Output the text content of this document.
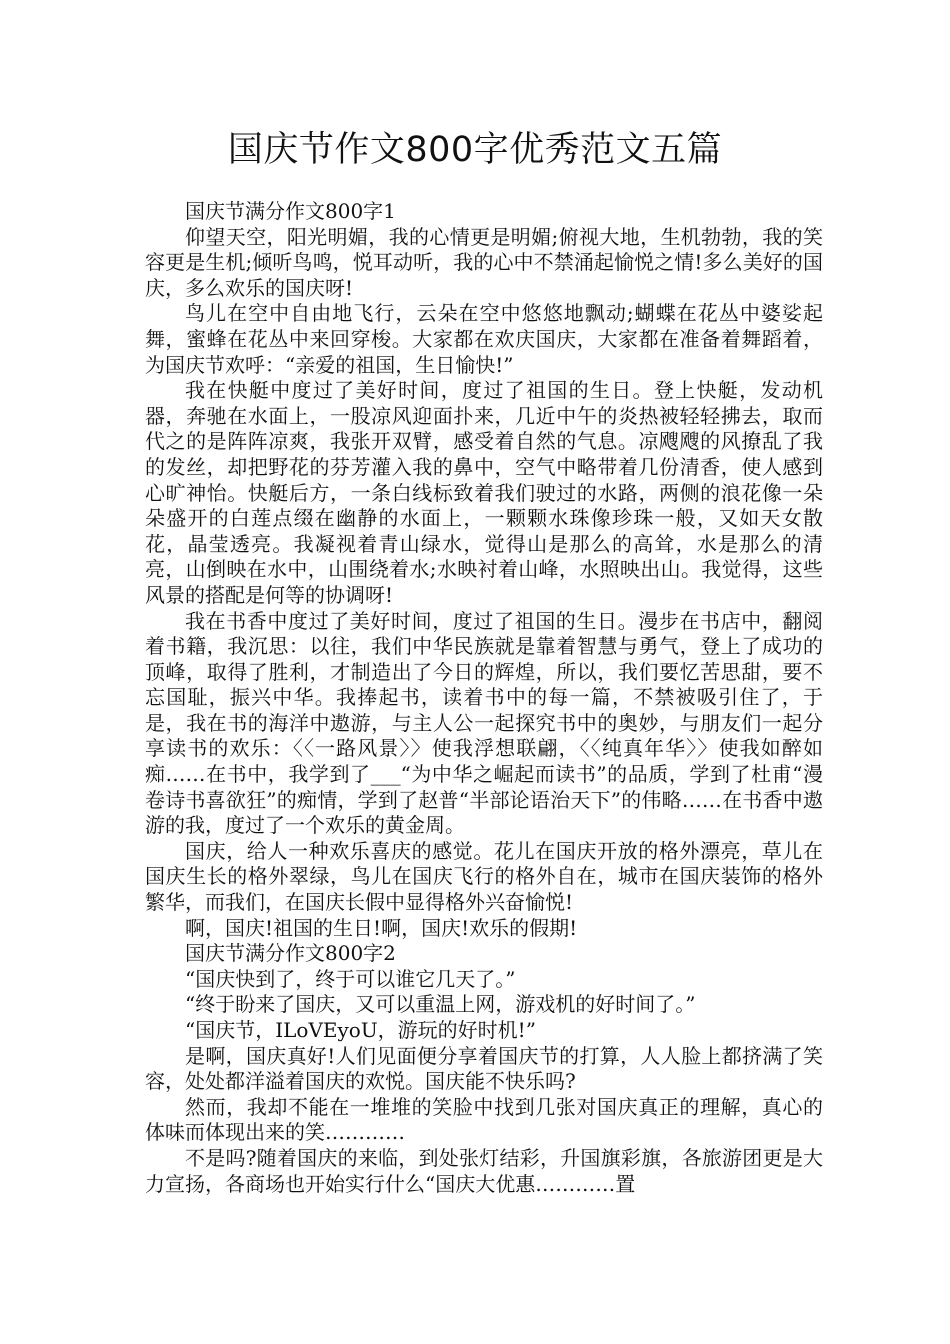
国庆节作文800字优秀范文五篇

国庆节满分作文800字1

仰望天空，阳光明媚，我的心情更是明媚;俯视大地，生机勃勃，我的笑容更是生机;倾听鸟鸣，悦耳动听，我的心中不禁涌起愉悦之情!多么美好的国庆，多么欢乐的国庆呀!

鸟儿在空中自由地飞行，云朵在空中悠悠地飘动;蝴蝶在花丛中婆娑起舞，蜜蜂在花丛中来回穿梭。大家都在欢庆国庆，大家都在准备着舞蹈着，为国庆节欢呼：“亲爱的祖国，生日愉快!”

我在快艇中度过了美好时间，度过了祖国的生日。登上快艇，发动机器，奔驰在水面上，一股凉风迎面扑来，几近中午的炎热被轻轻拂去，取而代之的是阵阵凉爽，我张开双臂，感受着自然的气息。凉飕飕的风撩乱了我的发丝，却把野花的芬芳灌入我的鼻中，空气中略带着几份清香，使人感到心旷神怡。快艇后方，一条白线标致着我们驶过的水路，两侧的浪花像一朵朵盛开的白莲点缀在幽静的水面上，一颗颗水珠像珍珠一般，又如天女散花，晶莹透亮。我凝视着青山绿水，觉得山是那么的高耸，水是那么的清亮，山倒映在水中，山围绕着水;水映衬着山峰，水照映出山。我觉得，这些风景的搭配是何等的协调呀!

我在书香中度过了美好时间，度过了祖国的生日。漫步在书店中，翻阅着书籍，我沉思：以往，我们中华民族就是靠着智慧与勇气，登上了成功的顶峰，取得了胜利，才制造出了今日的辉煌，所以，我们要忆苦思甜，要不忘国耻，振兴中华。我捧起书，读着书中的每一篇，不禁被吸引住了，于是，我在书的海洋中遨游，与主人公一起探究书中的奥妙，与朋友们一起分享读书的欢乐：〈〈一路风景〉〉使我浮想联翩，〈〈纯真年华〉〉使我如醉如痴……在书中，我学到了___“为中华之崛起而读书”的品质，学到了杜甫“漫卷诗书喜欲狂”的痴情，学到了赵普“半部论语治天下”的伟略……在书香中遨游的我，度过了一个欢乐的黄金周。

国庆，给人一种欢乐喜庆的感觉。花儿在国庆开放的格外漂亮，草儿在国庆生长的格外翠绿，鸟儿在国庆飞行的格外自在，城市在国庆装饰的格外繁华，而我们，在国庆长假中显得格外兴奋愉悦!

啊，国庆!祖国的生日!啊，国庆!欢乐的假期!

国庆节满分作文800字2

“国庆快到了，终于可以谁它几天了。”

“终于盼来了国庆，又可以重温上网，游戏机的好时间了。”

“国庆节，ILoVEyoU，游玩的好时机!”

是啊，国庆真好!人们见面便分享着国庆节的打算，人人脸上都挤满了笑容，处处都洋溢着国庆的欢悦。国庆能不快乐吗?

然而，我却不能在一堆堆的笑脸中找到几张对国庆真正的理解，真心的体味而体现出来的笑…………

不是吗?随着国庆的来临，到处张灯结彩，升国旗彩旗，各旅游团更是大力宣扬，各商场也开始实行什么“国庆大优惠…………置
